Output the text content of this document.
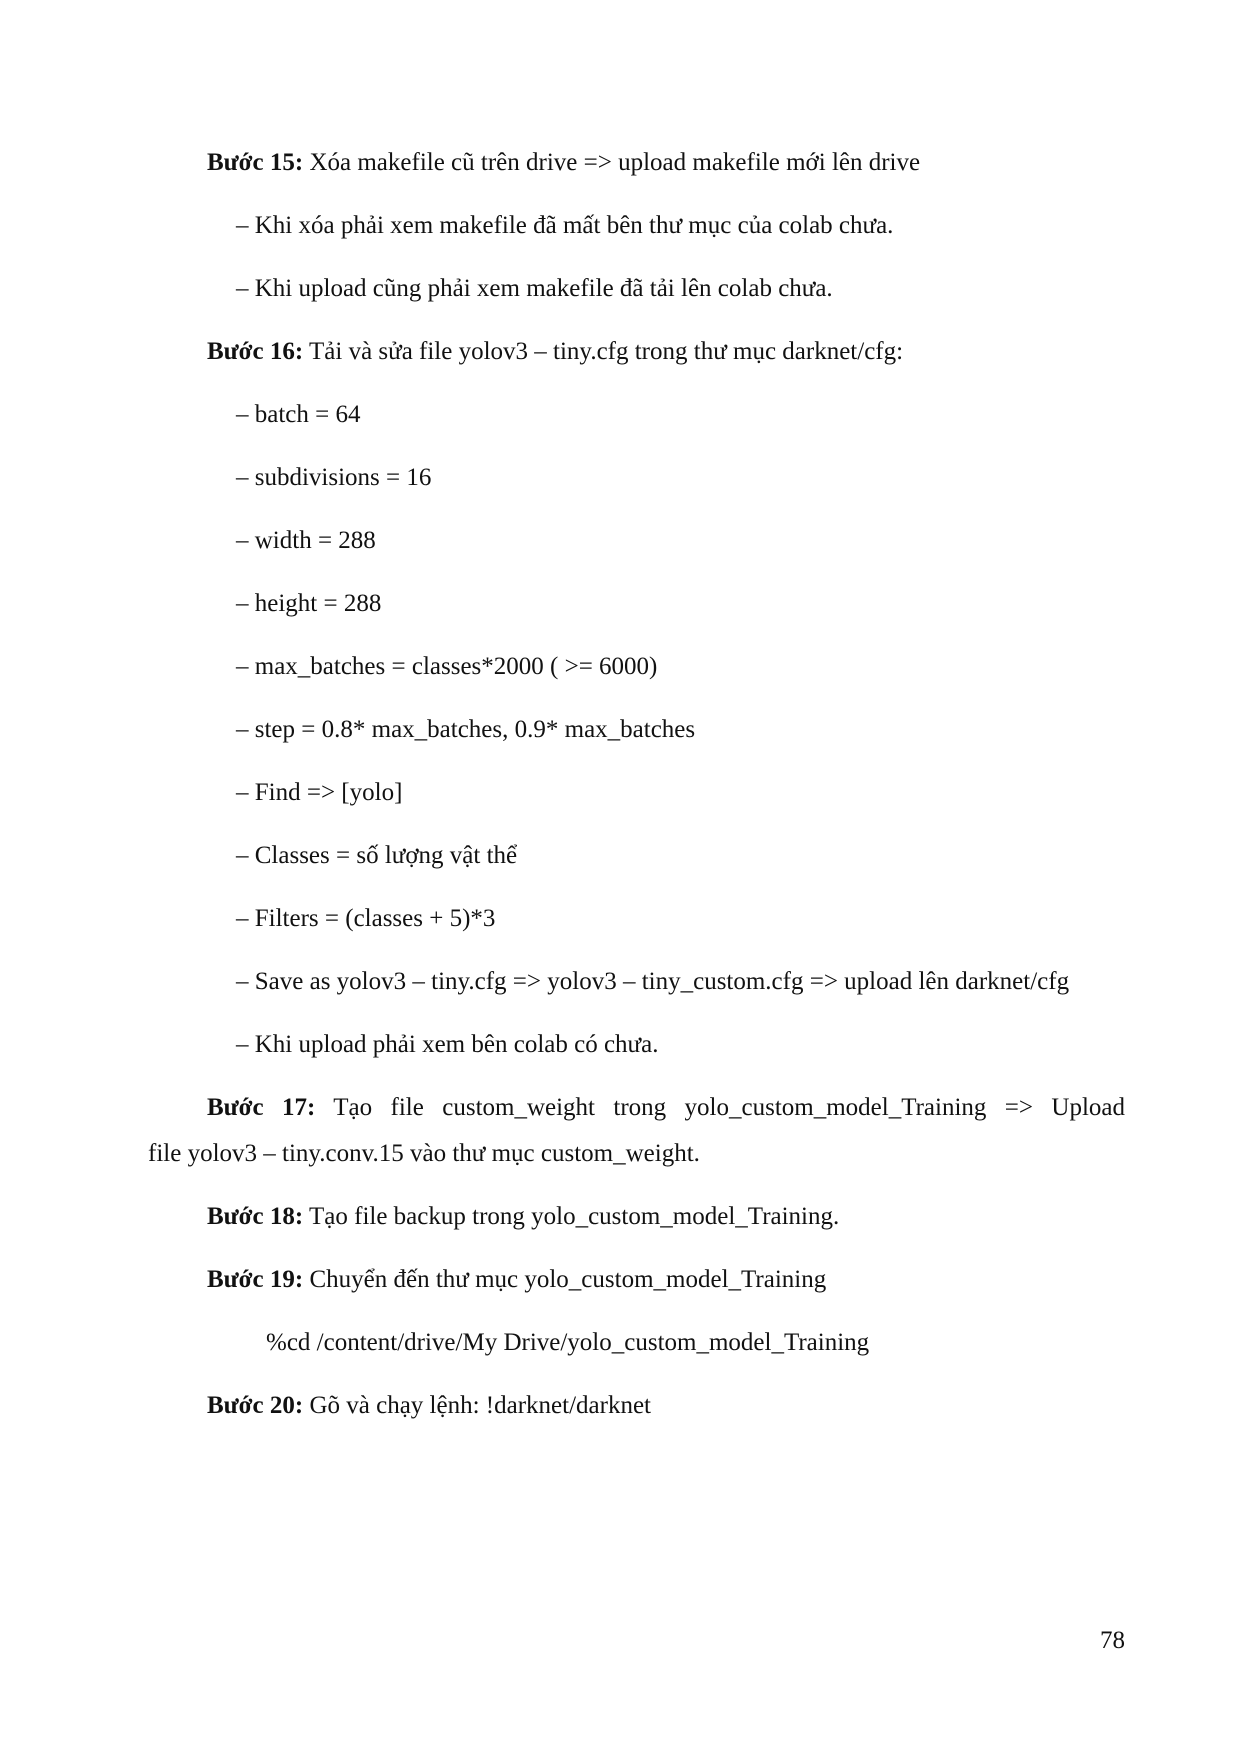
Bước 15: Xóa makefile cũ trên drive => upload makefile mới lên drive
– Khi xóa phải xem makefile đã mất bên thư mục của colab chưa.
– Khi upload cũng phải xem makefile đã tải lên colab chưa.
Bước 16: Tải và sửa file yolov3 – tiny.cfg trong thư mục darknet/cfg:
– batch = 64
– subdivisions = 16
– width = 288
– height = 288
– max_batches = classes*2000 ( >= 6000)
– step = 0.8* max_batches, 0.9* max_batches
– Find => [yolo]
– Classes = số lượng vật thể
– Filters = (classes + 5)*3
– Save as yolov3 – tiny.cfg => yolov3 – tiny_custom.cfg => upload lên darknet/cfg
– Khi upload phải xem bên colab có chưa.
Bước 17: Tạo file custom_weight trong yolo_custom_model_Training => Upload
file yolov3 – tiny.conv.15 vào thư mục custom_weight.
Bước 18: Tạo file backup trong yolo_custom_model_Training.
Bước 19: Chuyển đến thư mục yolo_custom_model_Training
%cd /content/drive/My Drive/yolo_custom_model_Training
Bước 20: Gõ và chạy lệnh: !darknet/darknet
78
